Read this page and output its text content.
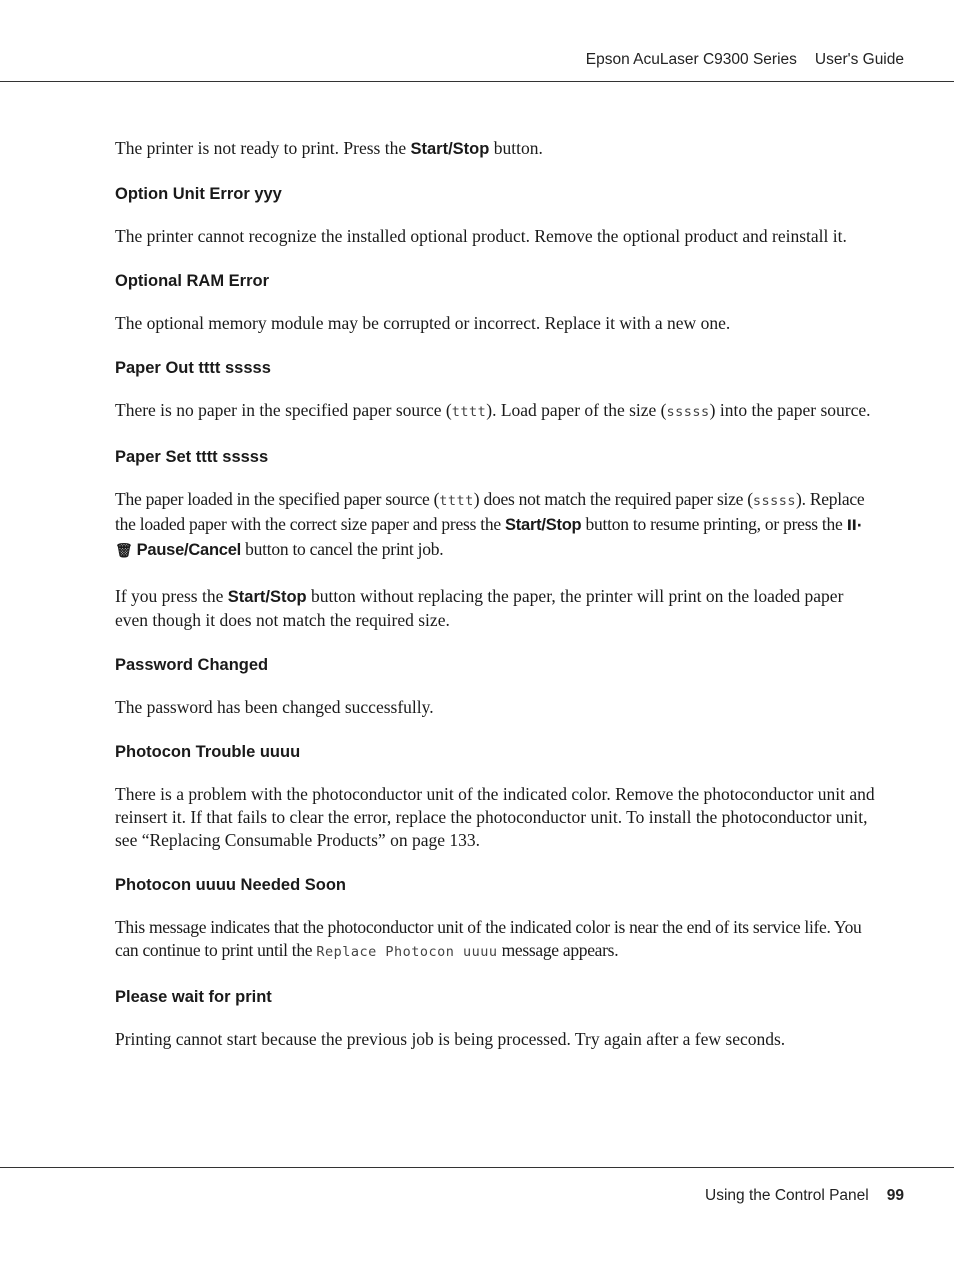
Epson AcuLaser C9300 Series User's Guide

The printer is not ready to print. Press the Start/Stop button.

Option Unit Error yyy

The printer cannot recognize the installed optional product. Remove the optional product and reinstall it.

Optional RAM Error

The optional memory module may be corrupted or incorrect. Replace it with a new one.

Paper Out tttt sssss

There is no paper in the specified paper source (tttt). Load paper of the size (sssss) into the paper source.

Paper Set tttt sssss

The paper loaded in the specified paper source (tttt) does not match the required paper size (sssss). Replace the loaded paper with the correct size paper and press the Start/Stop button to resume printing, or press the II·🗑 Pause/Cancel button to cancel the print job.

If you press the Start/Stop button without replacing the paper, the printer will print on the loaded paper even though it does not match the required size.

Password Changed

The password has been changed successfully.

Photocon Trouble uuuu

There is a problem with the photoconductor unit of the indicated color. Remove the photoconductor unit and reinsert it. If that fails to clear the error, replace the photoconductor unit. To install the photoconductor unit, see “Replacing Consumable Products” on page 133.

Photocon uuuu Needed Soon

This message indicates that the photoconductor unit of the indicated color is near the end of its service life. You can continue to print until the Replace Photocon uuuu message appears.

Please wait for print

Printing cannot start because the previous job is being processed. Try again after a few seconds.

Using the Control Panel 99
